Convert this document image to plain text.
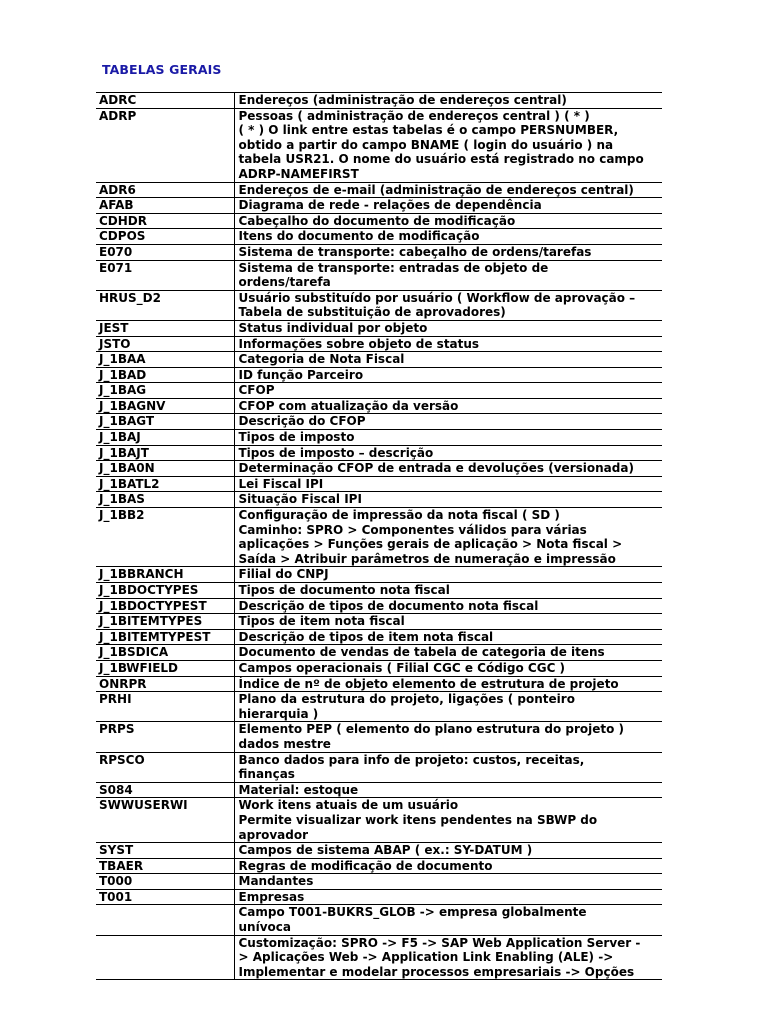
TABELAS GERAIS
ADRC	Endereços (administração de endereços central)

ADRP	Pessoas ( administração de endereços central ) ( * )
( * ) O link entre estas tabelas é o campo PERSNUMBER,
obtido a partir do campo BNAME ( login do usuário ) na
tabela USR21. O nome do usuário está registrado no campo
ADRP-NAMEFIRST

ADR6	Endereços de e-mail (administração de endereços central)

AFAB	Diagrama de rede - relações de dependência

CDHDR	Cabeçalho do documento de modificação

CDPOS	Itens do documento de modificação

E070	Sistema de transporte: cabeçalho de ordens/tarefas

E071	Sistema de transporte: entradas de objeto de
ordens/tarefa

HRUS_D2	Usuário substituído por usuário ( Workflow de aprovação –
Tabela de substituição de aprovadores)

JEST	Status individual por objeto

JSTO	Informações sobre objeto de status

J_1BAA	Categoria de Nota Fiscal

J_1BAD	ID função Parceiro

J_1BAG	CFOP

J_1BAGNV	CFOP com atualização da versão

J_1BAGT	Descrição do CFOP

J_1BAJ	Tipos de imposto

J_1BAJT	Tipos de imposto – descrição

J_1BA0N	Determinação CFOP de entrada e devoluções (versionada)

J_1BATL2	Lei Fiscal IPI

J_1BAS	Situação Fiscal IPI

J_1BB2	Configuração de impressão da nota fiscal ( SD )
Caminho: SPRO > Componentes válidos para várias
aplicações > Funções gerais de aplicação > Nota fiscal >
Saída > Atribuir parâmetros de numeração e impressão

J_1BBRANCH	Filial do CNPJ

J_1BDOCTYPES	Tipos de documento nota fiscal

J_1BDOCTYPEST	Descrição de tipos de documento nota fiscal

J_1BITEMTYPES	Tipos de item nota fiscal

J_1BITEMTYPEST	Descrição de tipos de item nota fiscal

J_1BSDICA	Documento de vendas de tabela de categoria de itens

J_1BWFIELD	Campos operacionais ( Filial CGC e Código CGC )

ONRPR	Índice de nº de objeto elemento de estrutura de projeto

PRHI	Plano da estrutura do projeto, ligações ( ponteiro
hierarquia )

PRPS	Elemento PEP ( elemento do plano estrutura do projeto )
dados mestre

RPSCO	Banco dados para info de projeto: custos, receitas,
finanças

S084	Material: estoque

SWWUSERWI	Work itens atuais de um usuário
Permite visualizar work itens pendentes na SBWP do
aprovador

SYST	Campos de sistema ABAP ( ex.: SY-DATUM )

TBAER	Regras de modificação de documento

T000	Mandantes

T001	Empresas

	Campo T001-BUKRS_GLOB -> empresa globalmente
unívoca

	Customização: SPRO -> F5 -> SAP Web Application Server -
> Aplicações Web -> Application Link Enabling (ALE) ->
Implementar e modelar processos empresariais -> Opções
